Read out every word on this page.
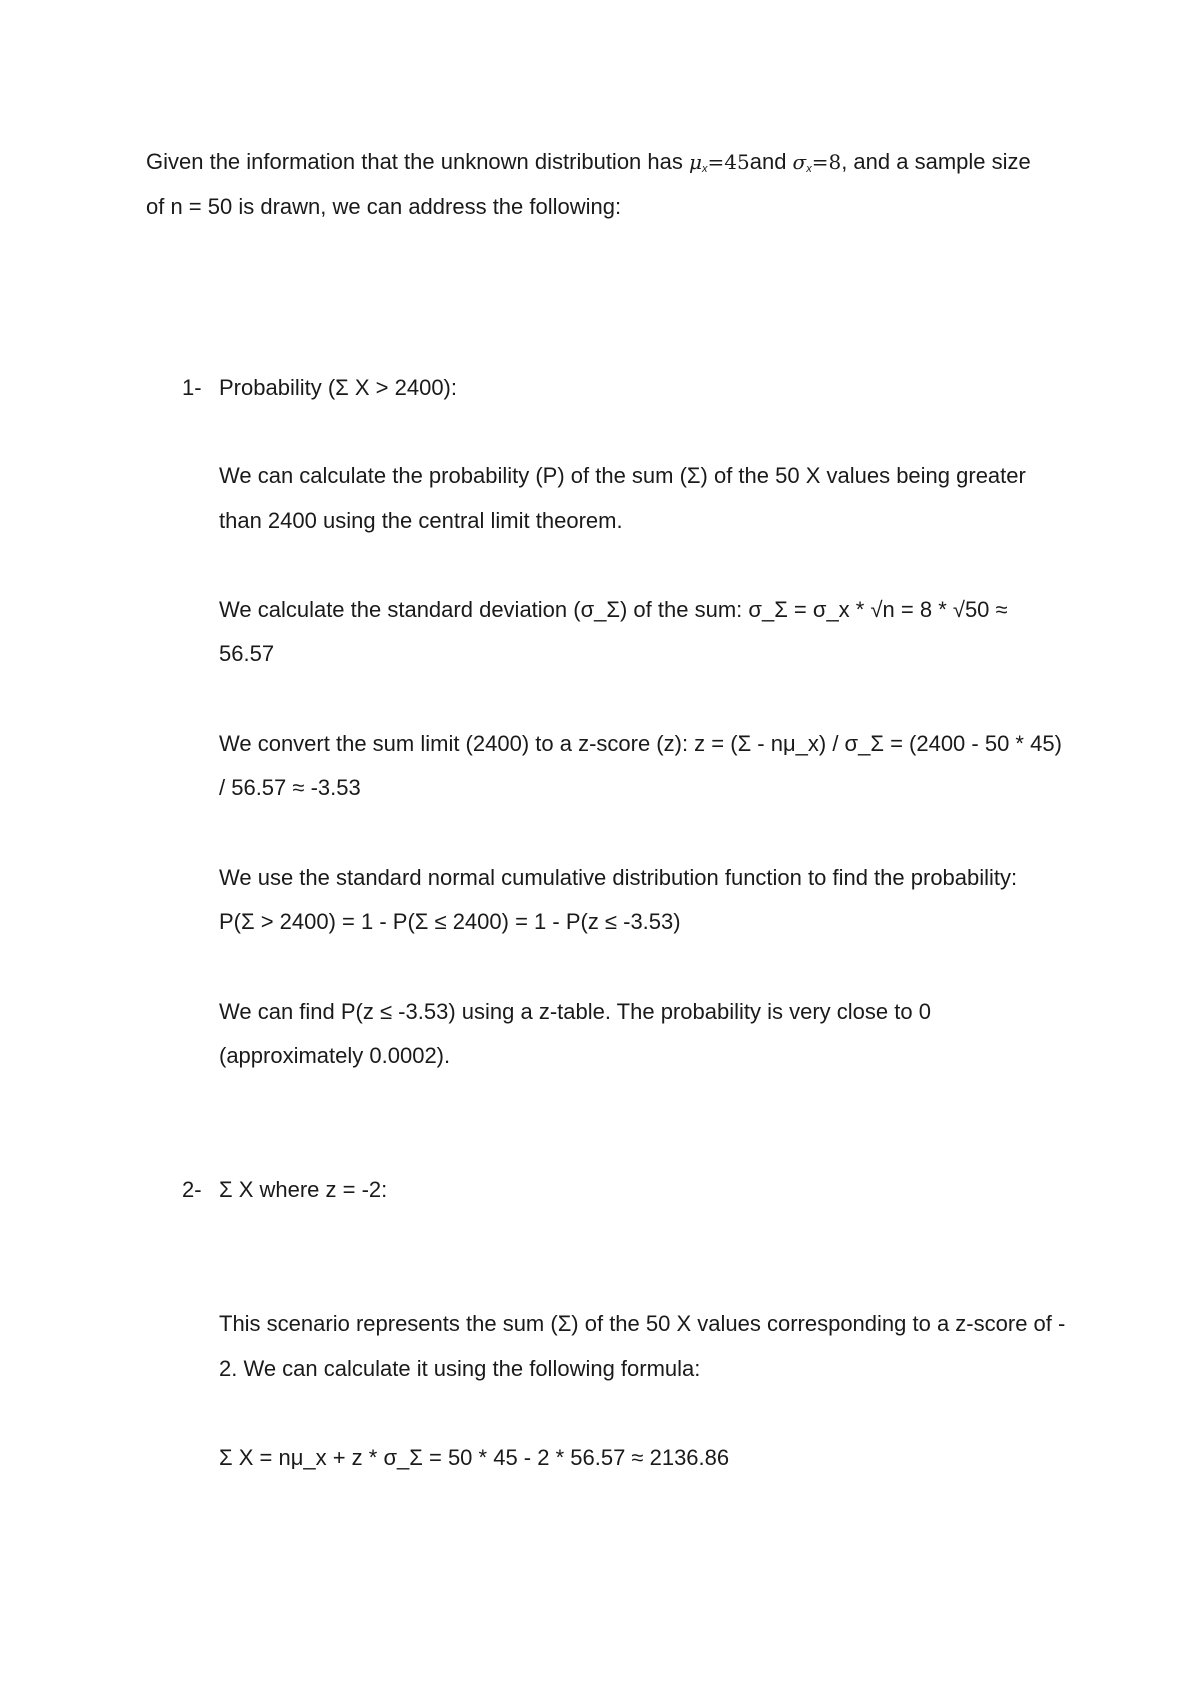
Given the information that the unknown distribution has $\mu_x=45and$ $\sigma_x=8$, and a sample size
of n = 50 is drawn, we can address the following:
1- Probability (Σ X > 2400):
We can calculate the probability (P) of the sum (Σ) of the 50 X values being greater
than 2400 using the central limit theorem.
We calculate the standard deviation (σ_Σ) of the sum: σ_Σ = σ_x * √n = 8 * √50 ≈
56.57
We convert the sum limit (2400) to a z-score (z): z = (Σ - nμ_x) / σ_Σ = (2400 - 50 * 45)
/ 56.57 ≈ -3.53
We use the standard normal cumulative distribution function to find the probability:
P(Σ > 2400) = 1 - P(Σ ≤ 2400) = 1 - P(z ≤ -3.53)
We can find P(z ≤ -3.53) using a z-table. The probability is very close to 0
(approximately 0.0002).
2- Σ X where z = -2:
This scenario represents the sum (Σ) of the 50 X values corresponding to a z-score of -
2. We can calculate it using the following formula:
Σ X = nμ_x + z * σ_Σ = 50 * 45 - 2 * 56.57 ≈ 2136.86
